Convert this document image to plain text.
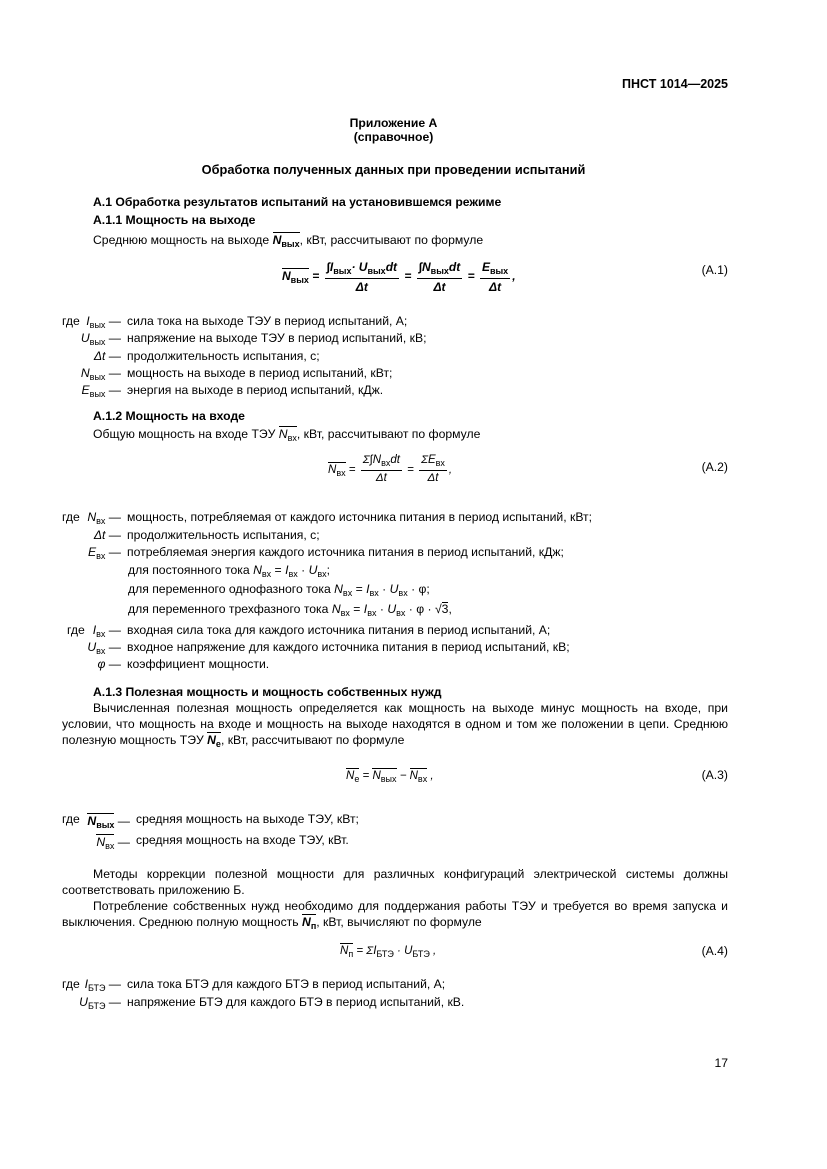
ПНСТ 1014—2025
Приложение А
(справочное)
Обработка полученных данных при проведении испытаний
А.1 Обработка результатов испытаний на установившемся режиме
А.1.1 Мощность на выходе
Среднюю мощность на выходе $N_{вых}$, кВт, рассчитывают по формуле
$N_{вых} = \frac{\int I_{вых}\cdot U_{вых}dt}{\Delta t} = \frac{\int N_{вых}dt}{\Delta t} = \frac{E_{вых}}{\Delta t}$ ,	(А.1)
где $I_{вых}$ — сила тока на выходе ТЭУ в период испытаний, А;
$U_{вых}$ — напряжение на выходе ТЭУ в период испытаний, кВ;
Δt — продолжительность испытания, с;
$N_{вых}$ — мощность на выходе в период испытаний, кВт;
$E_{вых}$ — энергия на выходе в период испытаний, кДж.
А.1.2 Мощность на входе
Общую мощность на входе ТЭУ $N_{вх}$, кВт, рассчитывают по формуле
$N_{вх} = \frac{\Sigma\int N_{вх}dt}{\Delta t} = \frac{\Sigma E_{вх}}{\Delta t}$ ,	(А.2)
где $N_{вх}$ — мощность, потребляемая от каждого источника питания в период испытаний, кВт;
Δt — продолжительность испытания, с;
$E_{вх}$ — потребляемая энергия каждого источника питания в период испытаний, кДж;
для постоянного тока $N_{вх} = I_{вх} \cdot U_{вх}$;
для переменного однофазного тока $N_{вх} = I_{вх} \cdot U_{вх} \cdot \varphi$;
для переменного трехфазного тока $N_{вх} = I_{вх} \cdot U_{вх} \cdot \varphi \cdot √3$,
$I_{вх}$ — входная сила тока для каждого источника питания в период испытаний, А;
$U_{вх}$ — входное напряжение для каждого источника питания в период испытаний, кВ;
φ — коэффициент мощности.
где
А.1.3 Полезная мощность и мощность собственных нужд
Вычисленная полезная мощность определяется как мощность на выходе минус мощность на входе, при условии, что мощность на входе и мощность на выходе находятся в одном и том же положении в цепи. Среднюю полезную мощность ТЭУ $N_е$, кВт, рассчитывают по формуле
$N_е = N_{вых} - N_{вх}$ ,	(А.3)
где $N_{вых}$ — средняя мощность на выходе ТЭУ, кВт;
$N_{вх}$ — средняя мощность на входе ТЭУ, кВт.
Методы коррекции полезной мощности для различных конфигураций электрической системы должны соответствовать приложению Б.
Потребление собственных нужд необходимо для поддержания работы ТЭУ и требуется во время запуска и выключения. Среднюю полную мощность $N_п$, кВт, вычисляют по формуле
$N_п = \Sigma I_{БТЭ} \cdot U_{БТЭ}$ ,	(А.4)
где $I_{БТЭ}$ — сила тока БТЭ для каждого БТЭ в период испытаний, А;
$U_{БТЭ}$ — напряжение БТЭ для каждого БТЭ в период испытаний, кВ.
17
